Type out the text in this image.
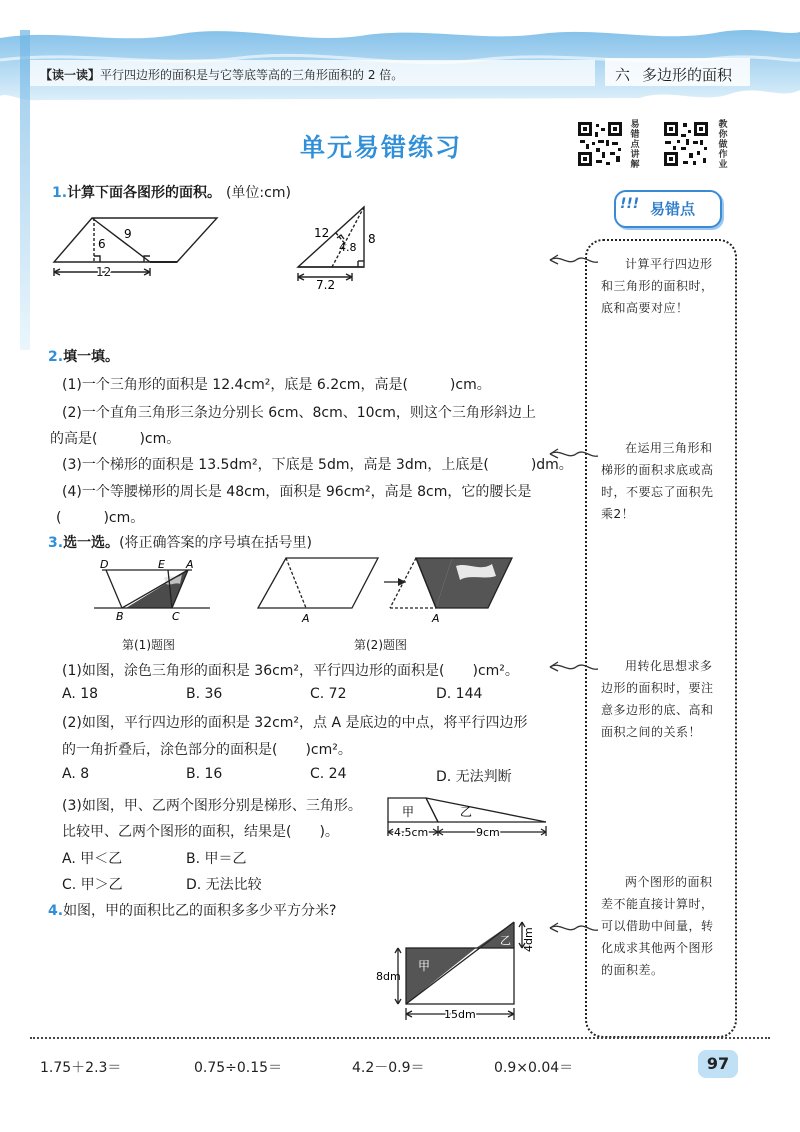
【读一读】平行四边形的面积是与它等底等高的三角形面积的 2 倍。	六 多边形的面积
单元易错练习
易错点讲解
教你做作业
!!! 易错点
计算平行四边形和三角形的面积时，底和高要对应！
在运用三角形和梯形的面积求底或高时，不要忘了面积先乘2！
用转化思想求多边形的面积时，要注意多边形的底、高和面积之间的关系！
两个图形的面积差不能直接计算时，可以借助中间量，转化成求其他两个图形的面积差。
1.计算下面各图形的面积。 (单位:cm)
6
9
12
12
4.8
8
7.2
2.填一填。
(1)一个三角形的面积是 12.4cm²，底是 6.2cm，高是(　　　)cm。
(2)一个直角三角形三条边分别长 6cm、8cm、10cm，则这个三角形斜边上
的高是(　　　)cm。
(3)一个梯形的面积是 13.5dm²，下底是 5dm，高是 3dm，上底是(　　　)dm。
(4)一个等腰梯形的周长是 48cm，面积是 96cm²，高是 8cm，它的腰长是
(　　　)cm。
3.选一选。(将正确答案的序号填在括号里)
D	E A
B	C	A	A
第(1)题图	第(2)题图
(1)如图，涂色三角形的面积是 36cm²，平行四边形的面积是(　　)cm²。
A. 18	B. 36	C. 72	D. 144
(2)如图，平行四边形的面积是 32cm²，点 A 是底边的中点，将平行四边形
的一角折叠后，涂色部分的面积是(　　)cm²。
A. 8	B. 16	C. 24	D. 无法判断
(3)如图，甲、乙两个图形分别是梯形、三角形。
比较甲、乙两个图形的面积，结果是(　　)。
A. 甲＜乙	B. 甲＝乙
C. 甲＞乙	D. 无法比较
甲	乙
4.5cm	9cm
4.如图，甲的面积比乙的面积多多少平方分米?
甲
乙
8dm
4dm
15dm
1.75＋2.3＝	0.75÷0.15＝	4.2－0.9＝	0.9×0.04＝	97
